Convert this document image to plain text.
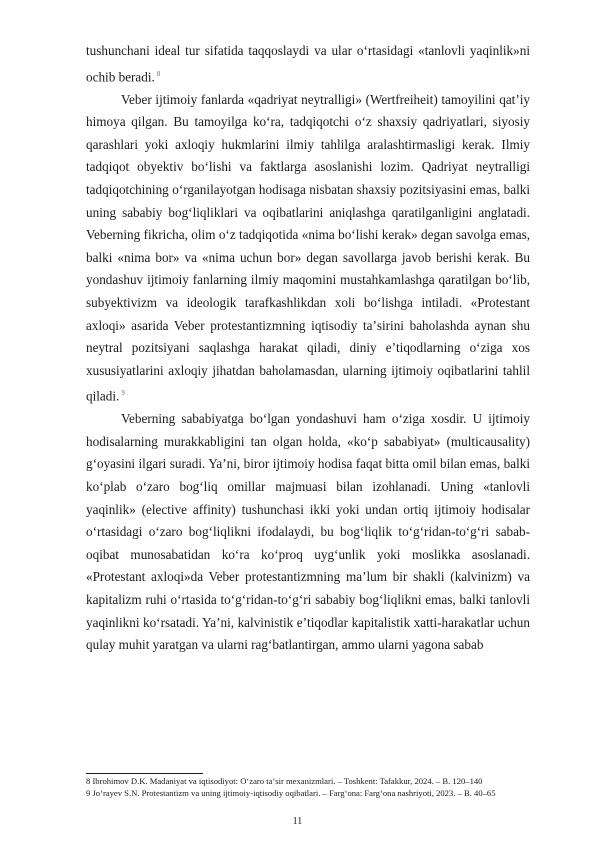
tushunchani ideal tur sifatida taqqoslaydi va ular oʻrtasidagi «tanlovli yaqinlik»ni ochib beradi. $^8$

Veber ijtimoiy fanlarda «qadriyat neytralligi» (Wertfreiheit) tamoyilini qatʼiy himoya qilgan. Bu tamoyilga koʻra, tadqiqotchi oʻz shaxsiy qadriyatlari, siyosiy qarashlari yoki axloqiy hukmlarini ilmiy tahlilga aralashtirmasligi kerak. Ilmiy tadqiqot obyektiv boʻlishi va faktlarga asoslanishi lozim. Qadriyat neytralligi tadqiqotchining oʻrganilayotgan hodisaga nisbatan shaxsiy pozitsiyasini emas, balki uning sababiy bogʻliqliklari va oqibatlarini aniqlashga qaratilganligini anglatadi. Veberning fikricha, olim oʻz tadqiqotida «nima boʻlishi kerak» degan savolga emas, balki «nima bor» va «nima uchun bor» degan savollarga javob berishi kerak. Bu yondashuv ijtimoiy fanlarning ilmiy maqomini mustahkamlashga qaratilgan boʻlib, subyektivizm va ideologik tarafkashlikdan xoli boʻlishga intiladi. «Protestant axloqi» asarida Veber protestantizmning iqtisodiy taʼsirini baholashda aynan shu neytral pozitsiyani saqlashga harakat qiladi, diniy eʼtiqodlarning oʻziga xos xususiyatlarini axloqiy jihatdan baholamasdan, ularning ijtimoiy oqibatlarini tahlil qiladi. $^9$

Veberning sababiyatga boʻlgan yondashuvi ham oʻziga xosdir. U ijtimoiy hodisalarning murakkabligini tan olgan holda, «koʻp sababiyat» (multicausality) gʻoyasini ilgari suradi. Yaʼni, biror ijtimoiy hodisa faqat bitta omil bilan emas, balki koʻplab oʻzaro bogʻliq omillar majmuasi bilan izohlanadi. Uning «tanlovli yaqinlik» (elective affinity) tushunchasi ikki yoki undan ortiq ijtimoiy hodisalar oʻrtasidagi oʻzaro bogʻliqlikni ifodalaydi, bu bogʻliqlik toʻgʻridan-toʻgʻri sabab-oqibat munosabatidan koʻra koʻproq uygʻunlik yoki moslikka asoslanadi. «Protestant axloqi»da Veber protestantizmning maʼlum bir shakli (kalvinizm) va kapitalizm ruhi oʻrtasida toʻgʻridan-toʻgʻri sababiy bogʻliqlikni emas, balki tanlovli yaqinlikni koʻrsatadi. Yaʼni, kalvinistik eʼtiqodlar kapitalistik xatti-harakatlar uchun qulay muhit yaratgan va ularni ragʻbatlantirgan, ammo ularni yagona sabab

8 Ibrohimov D.K. Madaniyat va iqtisodiyot: Oʻzaro taʼsir mexanizmlari. – Toshkent: Tafakkur, 2024. – B. 120–140

9 Joʻrayev S.N. Protestantizm va uning ijtimoiy-iqtisodiy oqibatlari. – Fargʻona: Fargʻona nashriyoti, 2023. – B. 40–65

11
